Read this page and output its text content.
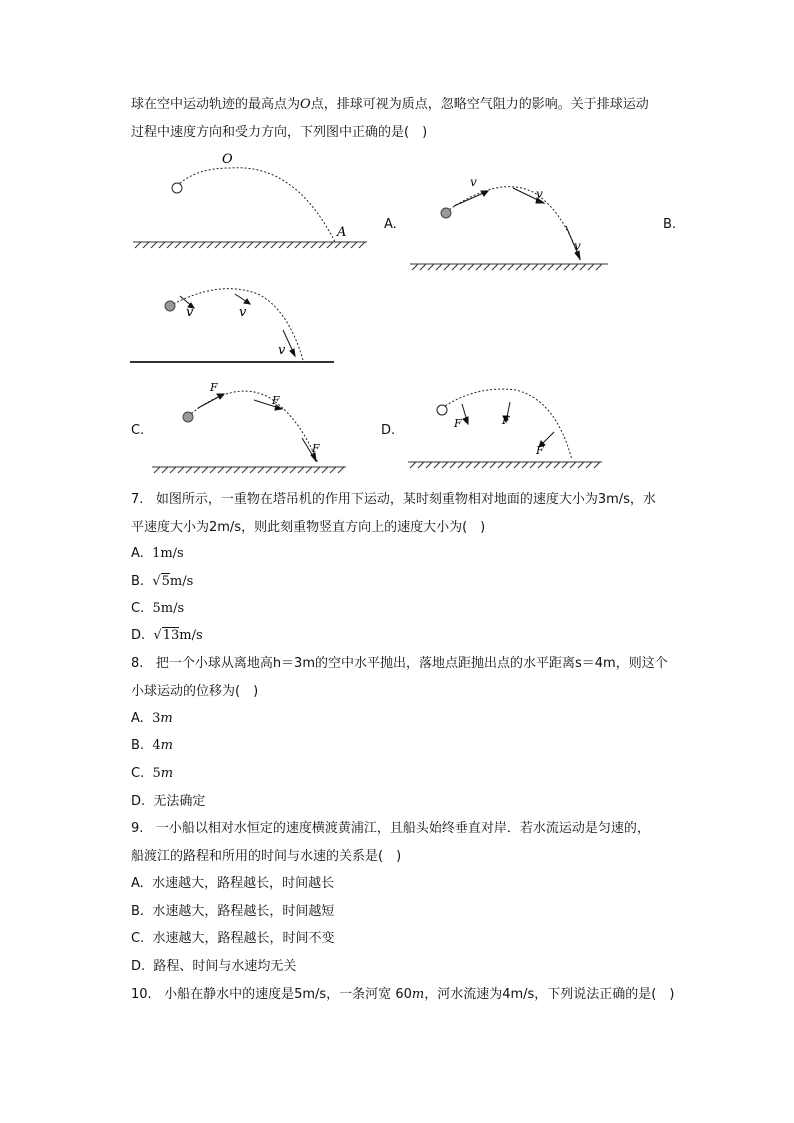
球在空中运动轨迹的最高点为O点，排球可视为质点，忽略空气阻力的影响。关于排球运动
过程中速度方向和受力方向，下列图中正确的是(　)
O
A
A.
v
v
v
B.
v	v
v
C.
F
F
F
D.	F	F
F
7. 如图所示，一重物在塔吊机的作用下运动，某时刻重物相对地面的速度大小为3m/s，水
平速度大小为2m/s，则此刻重物竖直方向上的速度大小为(　)
A. 1m/s
B. √5m/s
C. 5m/s
D. √13m/s
8. 把一个小球从离地高h＝3m的空中水平抛出，落地点距抛出点的水平距离s＝4m，则这个
小球运动的位移为(　)
A. 3m
B. 4m
C. 5m
D. 无法确定
9. 一小船以相对水恒定的速度横渡黄浦江，且船头始终垂直对岸．若水流运动是匀速的，
船渡江的路程和所用的时间与水速的关系是(　)
A. 水速越大，路程越长，时间越长
B. 水速越大，路程越长，时间越短
C. 水速越大，路程越长，时间不变
D. 路程、时间与水速均无关
10. 小船在静水中的速度是5m/s，一条河宽 60m，河水流速为4m/s，下列说法正确的是(　)
